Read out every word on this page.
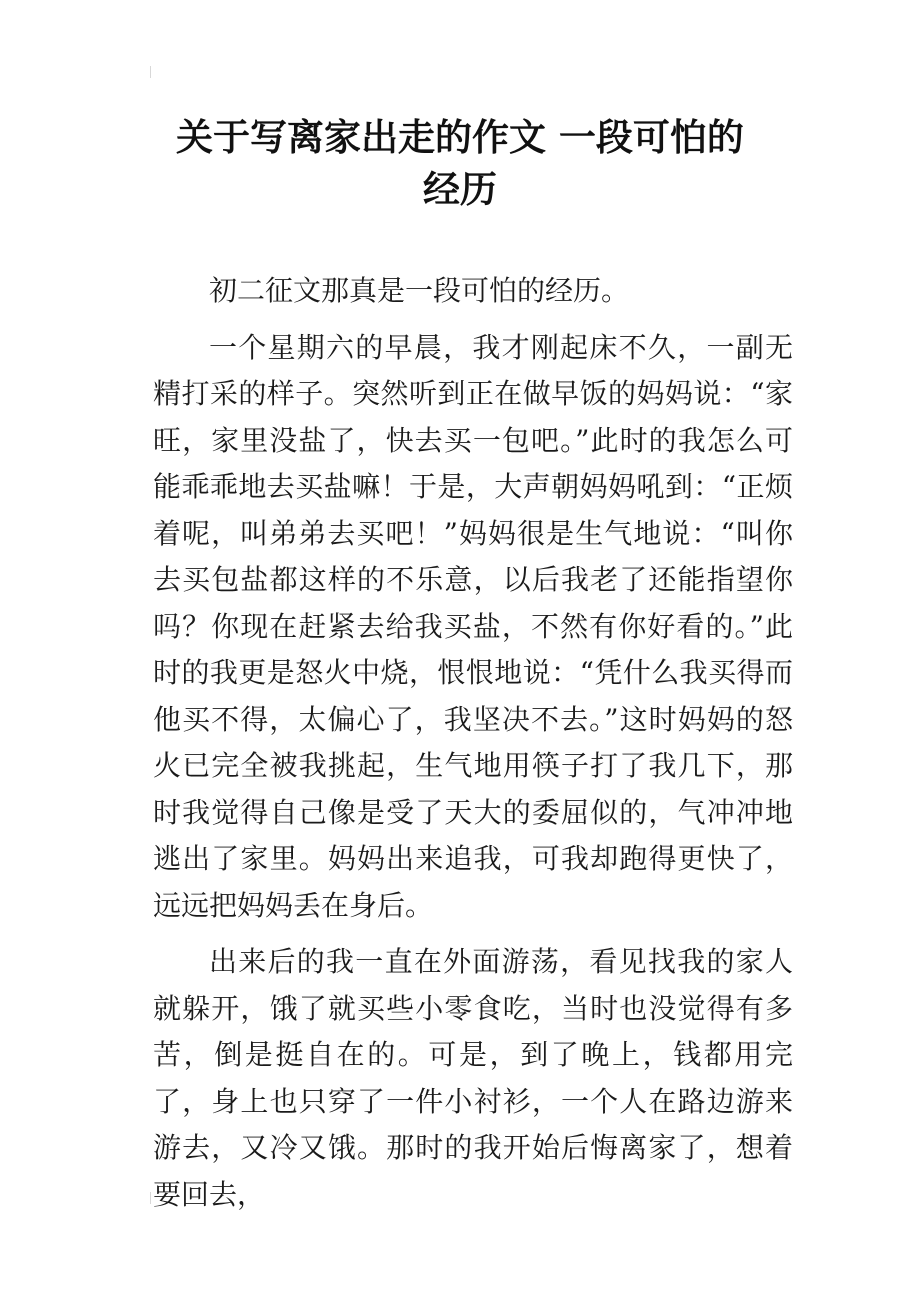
关于写离家出走的作文 一段可怕的
经历

初二征文那真是一段可怕的经历。

一个星期六的早晨，我才刚起床不久，一副无精打采的样子。突然听到正在做早饭的妈妈说：“家旺，家里没盐了，快去买一包吧。”此时的我怎么可能乖乖地去买盐嘛！于是，大声朝妈妈吼到：“正烦着呢，叫弟弟去买吧！”妈妈很是生气地说：“叫你去买包盐都这样的不乐意，以后我老了还能指望你吗？你现在赶紧去给我买盐，不然有你好看的。”此时的我更是怒火中烧，恨恨地说：“凭什么我买得而他买不得，太偏心了，我坚决不去。”这时妈妈的怒火已完全被我挑起，生气地用筷子打了我几下，那时我觉得自己像是受了天大的委屈似的，气冲冲地逃出了家里。妈妈出来追我，可我却跑得更快了，远远把妈妈丢在身后。

出来后的我一直在外面游荡，看见找我的家人就躲开，饿了就买些小零食吃，当时也没觉得有多苦，倒是挺自在的。可是，到了晚上，钱都用完了，身上也只穿了一件小衬衫，一个人在路边游来游去，又冷又饿。那时的我开始后悔离家了，想着要回去，
